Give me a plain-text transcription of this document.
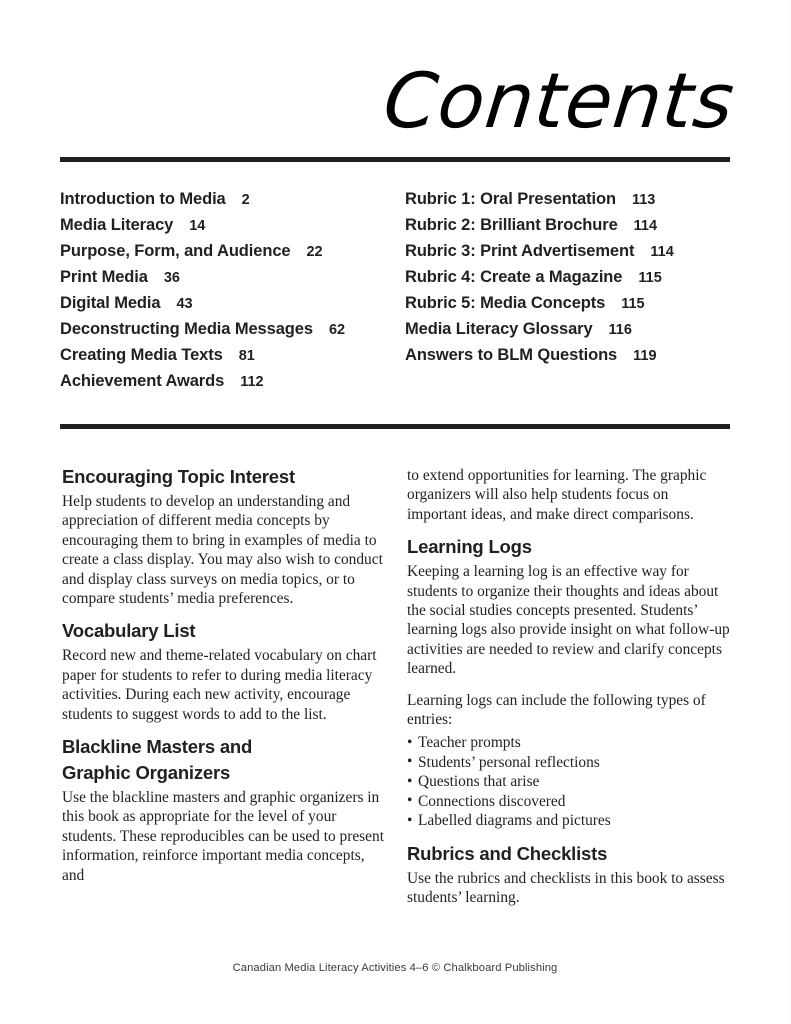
Contents
Introduction to Media	2
Media Literacy	14
Purpose, Form, and Audience	22
Print Media	36
Digital Media	43
Deconstructing Media Messages	62
Creating Media Texts	81
Achievement Awards	112
Rubric 1: Oral Presentation	113
Rubric 2: Brilliant Brochure	114
Rubric 3: Print Advertisement	114
Rubric 4: Create a Magazine	115
Rubric 5: Media Concepts	115
Media Literacy Glossary	116
Answers to BLM Questions	119
Encouraging Topic Interest

Help students to develop an understanding and appreciation of different media concepts by encouraging them to bring in examples of media to create a class display. You may also wish to conduct and display class surveys on media topics, or to compare students’ media preferences.

Vocabulary List

Record new and theme-related vocabulary on chart paper for students to refer to during media literacy activities. During each new activity, encourage students to suggest words to add to the list.

Blackline Masters and
Graphic Organizers

Use the blackline masters and graphic organizers in this book as appropriate for the level of your students. These reproducibles can be used to present information, reinforce important media concepts, and

to extend opportunities for learning. The graphic organizers will also help students focus on important ideas, and make direct comparisons.

Learning Logs

Keeping a learning log is an effective way for students to organize their thoughts and ideas about the social studies concepts presented. Students’ learning logs also provide insight on what follow-up activities are needed to review and clarify concepts learned.

Learning logs can include the following types of entries:

• Teacher prompts
• Students’ personal reflections
• Questions that arise
• Connections discovered
• Labelled diagrams and pictures
Rubrics and Checklists

Use the rubrics and checklists in this book to assess students’ learning.

Canadian Media Literacy Activities 4–6 © Chalkboard Publishing
